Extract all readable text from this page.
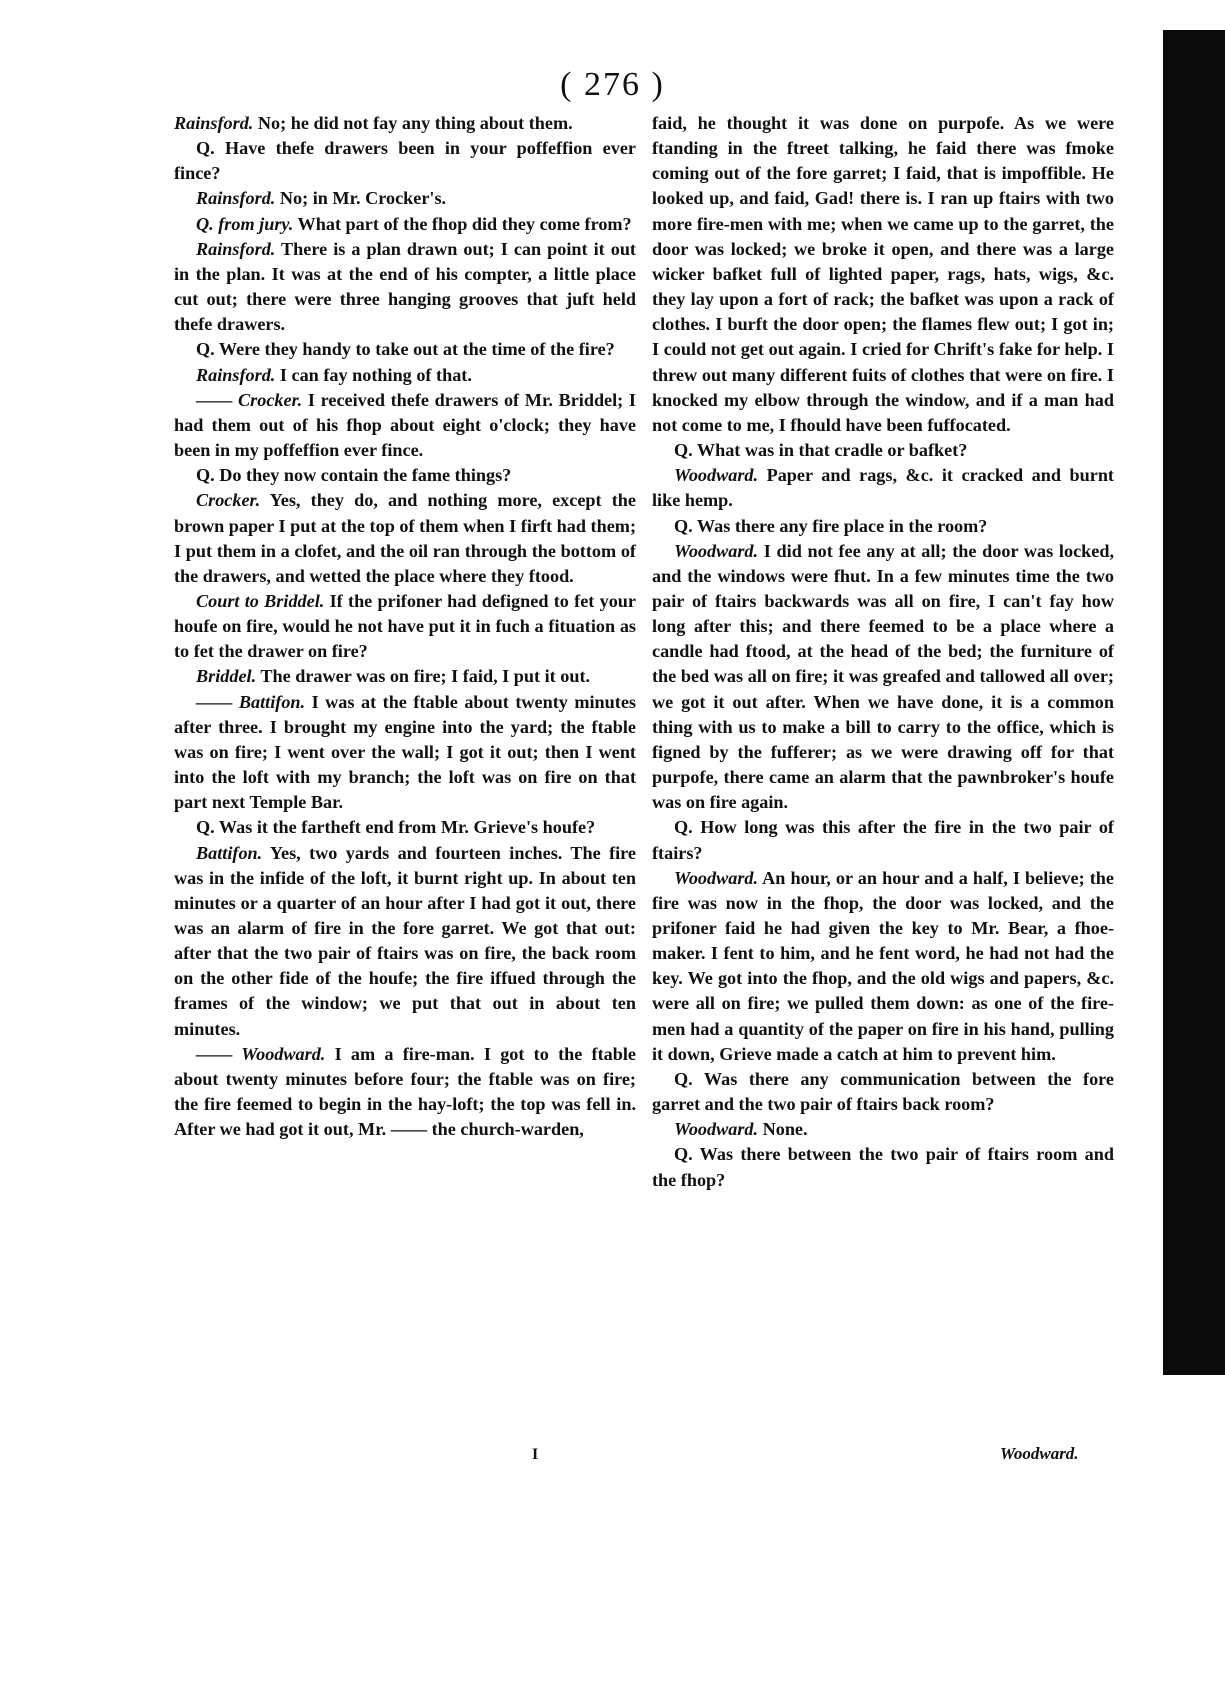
( 276 )

Rainsford. No; he did not fay any thing about them.

Q. Have thefe drawers been in your poffeffion ever fince?

Rainsford. No; in Mr. Crocker's.

Q. from jury. What part of the fhop did they come from?

Rainsford. There is a plan drawn out; I can point it out in the plan. It was at the end of his compter, a little place cut out; there were three hanging grooves that juft held thefe drawers.

Q. Were they handy to take out at the time of the fire?

Rainsford. I can fay nothing of that.

—— Crocker. I received thefe drawers of Mr. Briddel; I had them out of his fhop about eight o'clock; they have been in my poffeffion ever fince.

Q. Do they now contain the fame things?

Crocker. Yes, they do, and nothing more, except the brown paper I put at the top of them when I firft had them; I put them in a clofet, and the oil ran through the bottom of the drawers, and wetted the place where they ftood.

Court to Briddel. If the prifoner had defigned to fet your houfe on fire, would he not have put it in fuch a fituation as to fet the drawer on fire?

Briddel. The drawer was on fire; I faid, I put it out.

—— Battifon. I was at the ftable about twenty minutes after three. I brought my engine into the yard; the ftable was on fire; I went over the wall; I got it out; then I went into the loft with my branch; the loft was on fire on that part next Temple Bar.

Q. Was it the fartheft end from Mr. Grieve's houfe?

Battifon. Yes, two yards and fourteen inches. The fire was in the infide of the loft, it burnt right up. In about ten minutes or a quarter of an hour after I had got it out, there was an alarm of fire in the fore garret. We got that out: after that the two pair of ftairs was on fire, the back room on the other fide of the houfe; the fire iffued through the frames of the window; we put that out in about ten minutes.

—— Woodward. I am a fire-man. I got to the ftable about twenty minutes before four; the ftable was on fire; the fire feemed to begin in the hay-loft; the top was fell in. After we had got it out, Mr. —— the church-warden,

faid, he thought it was done on purpofe. As we were ftanding in the ftreet talking, he faid there was fmoke coming out of the fore garret; I faid, that is impoffible. He looked up, and faid, Gad! there is. I ran up ftairs with two more fire-men with me; when we came up to the garret, the door was locked; we broke it open, and there was a large wicker bafket full of lighted paper, rags, hats, wigs, &c. they lay upon a fort of rack; the bafket was upon a rack of clothes. I burft the door open; the flames flew out; I got in; I could not get out again. I cried for Chrift's fake for help. I threw out many different fuits of clothes that were on fire. I knocked my elbow through the window, and if a man had not come to me, I fhould have been fuffocated.

Q. What was in that cradle or bafket?

Woodward. Paper and rags, &c. it cracked and burnt like hemp.

Q. Was there any fire place in the room?

Woodward. I did not fee any at all; the door was locked, and the windows were fhut. In a few minutes time the two pair of ftairs backwards was all on fire, I can't fay how long after this; and there feemed to be a place where a candle had ftood, at the head of the bed; the furniture of the bed was all on fire; it was greafed and tallowed all over; we got it out after. When we have done, it is a common thing with us to make a bill to carry to the office, which is figned by the fufferer; as we were drawing off for that purpofe, there came an alarm that the pawnbroker's houfe was on fire again.

Q. How long was this after the fire in the two pair of ftairs?

Woodward. An hour, or an hour and a half, I believe; the fire was now in the fhop, the door was locked, and the prifoner faid he had given the key to Mr. Bear, a fhoe-maker. I fent to him, and he fent word, he had not had the key. We got into the fhop, and the old wigs and papers, &c. were all on fire; we pulled them down: as one of the fire-men had a quantity of the paper on fire in his hand, pulling it down, Grieve made a catch at him to prevent him.

Q. Was there any communication between the fore garret and the two pair of ftairs back room?

Woodward. None.

Q. Was there between the two pair of ftairs room and the fhop?

I	Woodward.
